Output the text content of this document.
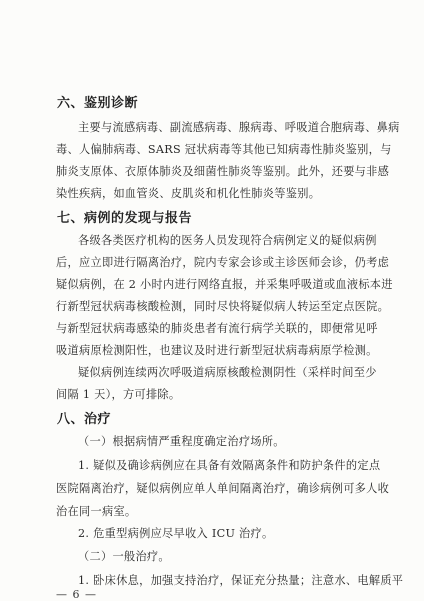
六、鉴别诊断
主要与流感病毒、副流感病毒、腺病毒、呼吸道合胞病毒、鼻病
毒、人偏肺病毒、SARS 冠状病毒等其他已知病毒性肺炎鉴别，与
肺炎支原体、衣原体肺炎及细菌性肺炎等鉴别。此外，还要与非感
染性疾病，如血管炎、皮肌炎和机化性肺炎等鉴别。
七、病例的发现与报告
各级各类医疗机构的医务人员发现符合病例定义的疑似病例
后，应立即进行隔离治疗，院内专家会诊或主诊医师会诊，仍考虑
疑似病例，在 2 小时内进行网络直报，并采集呼吸道或血液标本进
行新型冠状病毒核酸检测，同时尽快将疑似病人转运至定点医院。
与新型冠状病毒感染的肺炎患者有流行病学关联的，即便常见呼
吸道病原检测阳性，也建议及时进行新型冠状病毒病原学检测。
疑似病例连续两次呼吸道病原核酸检测阴性（采样时间至少
间隔 1 天），方可排除。
八、治疗
（一）根据病情严重程度确定治疗场所。
1. 疑似及确诊病例应在具备有效隔离条件和防护条件的定点
医院隔离治疗，疑似病例应单人单间隔离治疗，确诊病例可多人收
治在同一病室。
— 6 —
2. 危重型病例应尽早收入 ICU 治疗。
（二）一般治疗。
1. 卧床休息，加强支持治疗，保证充分热量；注意水、电解质平
